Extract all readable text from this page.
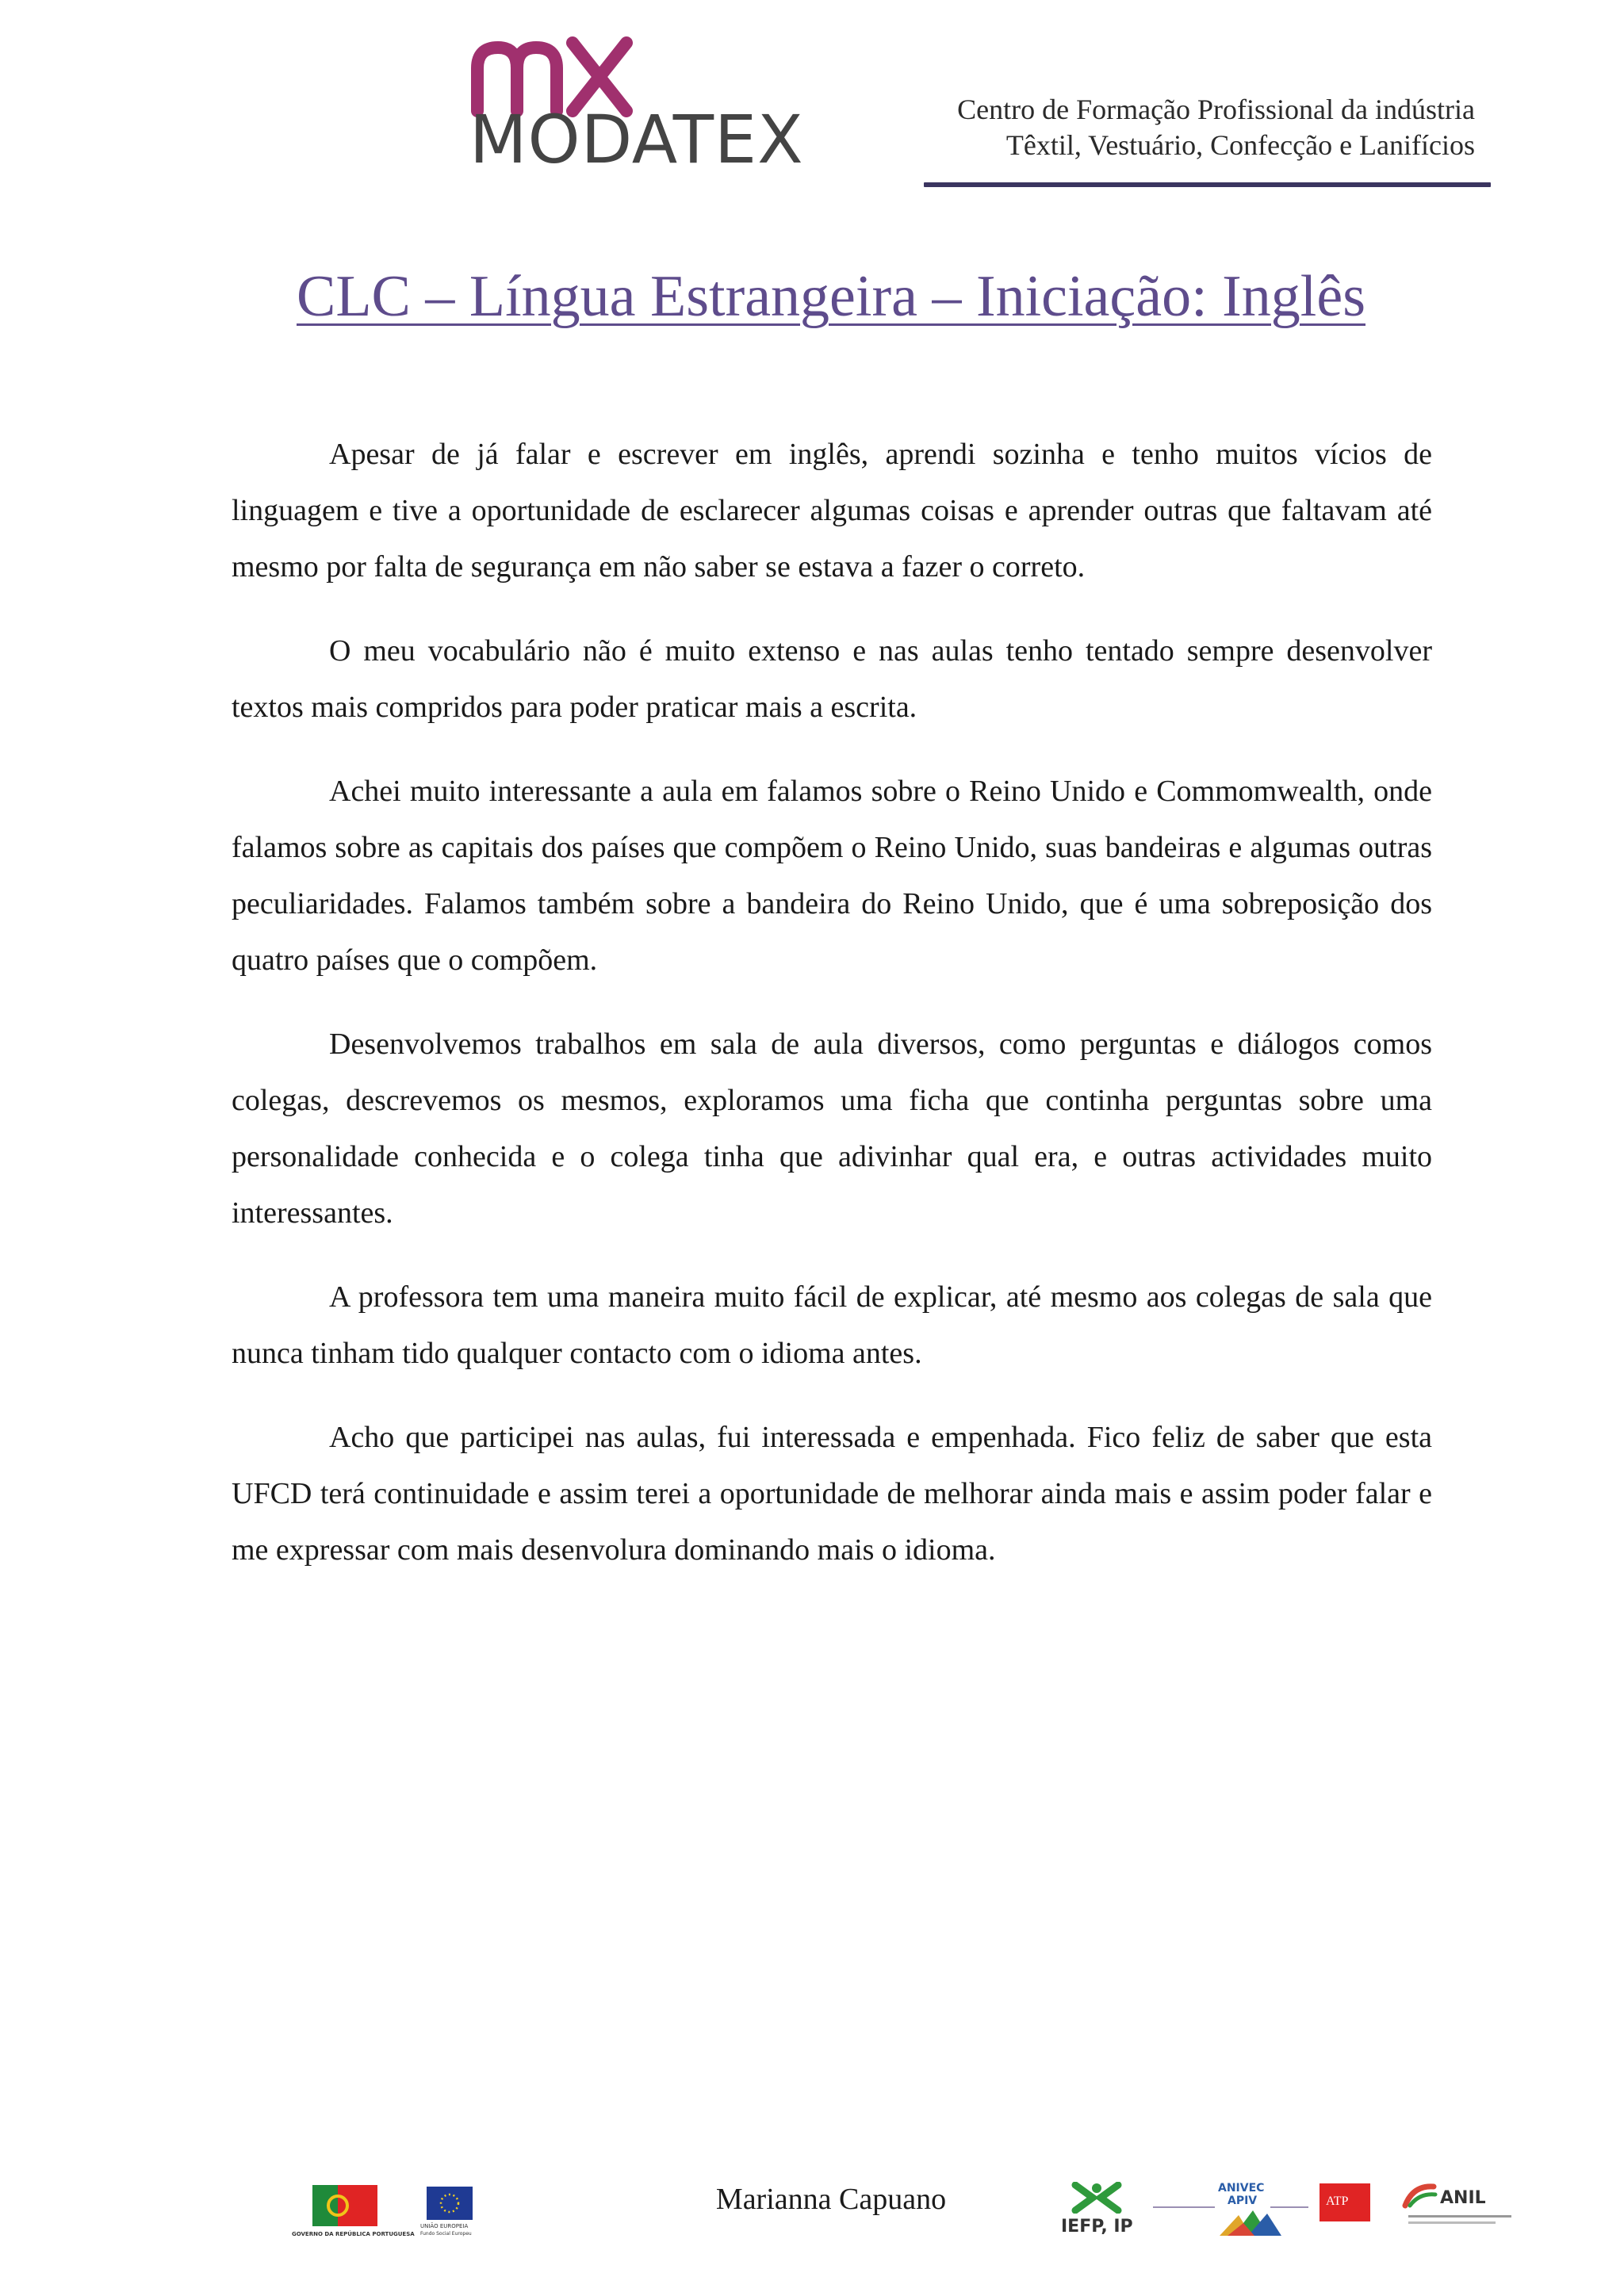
MODATEX	Centro de Formação Profissional da indústria
Têxtil, Vestuário, Confecção e Lanifícios
CLC – Língua Estrangeira – Iniciação: Inglês

Apesar de já falar e escrever em inglês, aprendi sozinha e tenho muitos vícios de linguagem e tive a oportunidade de esclarecer algumas coisas e aprender outras que faltavam até mesmo por falta de segurança em não saber se estava a fazer o correto.

O meu vocabulário não é muito extenso e nas aulas tenho tentado sempre desenvolver textos mais compridos para poder praticar mais a escrita.

Achei muito interessante a aula em falamos sobre o Reino Unido e Commomwealth, onde falamos sobre as capitais dos países que compõem o Reino Unido, suas bandeiras e algumas outras peculiaridades. Falamos também sobre a bandeira do Reino Unido, que é uma sobreposição dos quatro países que o compõem.

Desenvolvemos trabalhos em sala de aula diversos, como perguntas e diálogos comos colegas, descrevemos os mesmos, exploramos uma ficha que continha perguntas sobre uma personalidade conhecida e o colega tinha que adivinhar qual era, e outras actividades muito interessantes.

A professora tem uma maneira muito fácil de explicar, até mesmo aos colegas de sala que nunca tinham tido qualquer contacto com o idioma antes.

Acho que participei nas aulas, fui interessada e empenhada. Fico feliz de saber que esta UFCD terá continuidade e assim terei a oportunidade de melhorar ainda mais e assim poder falar e me expressar com mais desenvolura dominando mais o idioma.

Marianna Capuano
GOVERNO DA REPÚBLICA PORTUGUESA
UNIÃO EUROPEIA
Fundo Social Europeu	IEFP, IP
ANIVEC
APIV	ATP	ANIL
